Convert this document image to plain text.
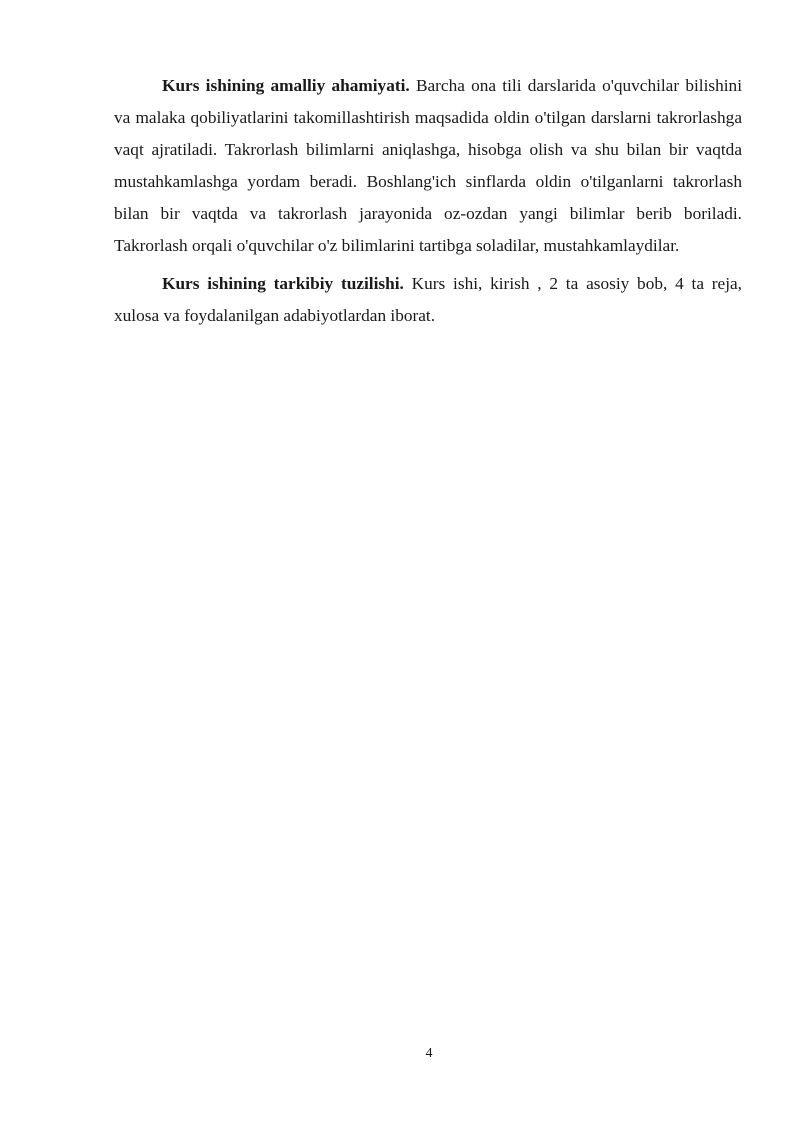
Kurs ishining amalliy ahamiyati. Barcha ona tili darslarida o'quvchilar bilishini va malaka qobiliyatlarini takomillashtirish maqsadida oldin o'tilgan darslarni takrorlashga vaqt ajratiladi. Takrorlash bilimlarni aniqlashga, hisobga olish va shu bilan bir vaqtda mustahkamlashga yordam beradi. Boshlang'ich sinflarda oldin o'tilganlarni takrorlash bilan bir vaqtda va takrorlash jarayonida oz-ozdan yangi bilimlar berib boriladi. Takrorlash orqali o'quvchilar o'z bilimlarini tartibga soladilar, mustahkamlaydilar.

Kurs ishining tarkibiy tuzilishi. Kurs ishi, kirish , 2 ta asosiy bob, 4 ta reja, xulosa va foydalanilgan adabiyotlardan iborat.

4
